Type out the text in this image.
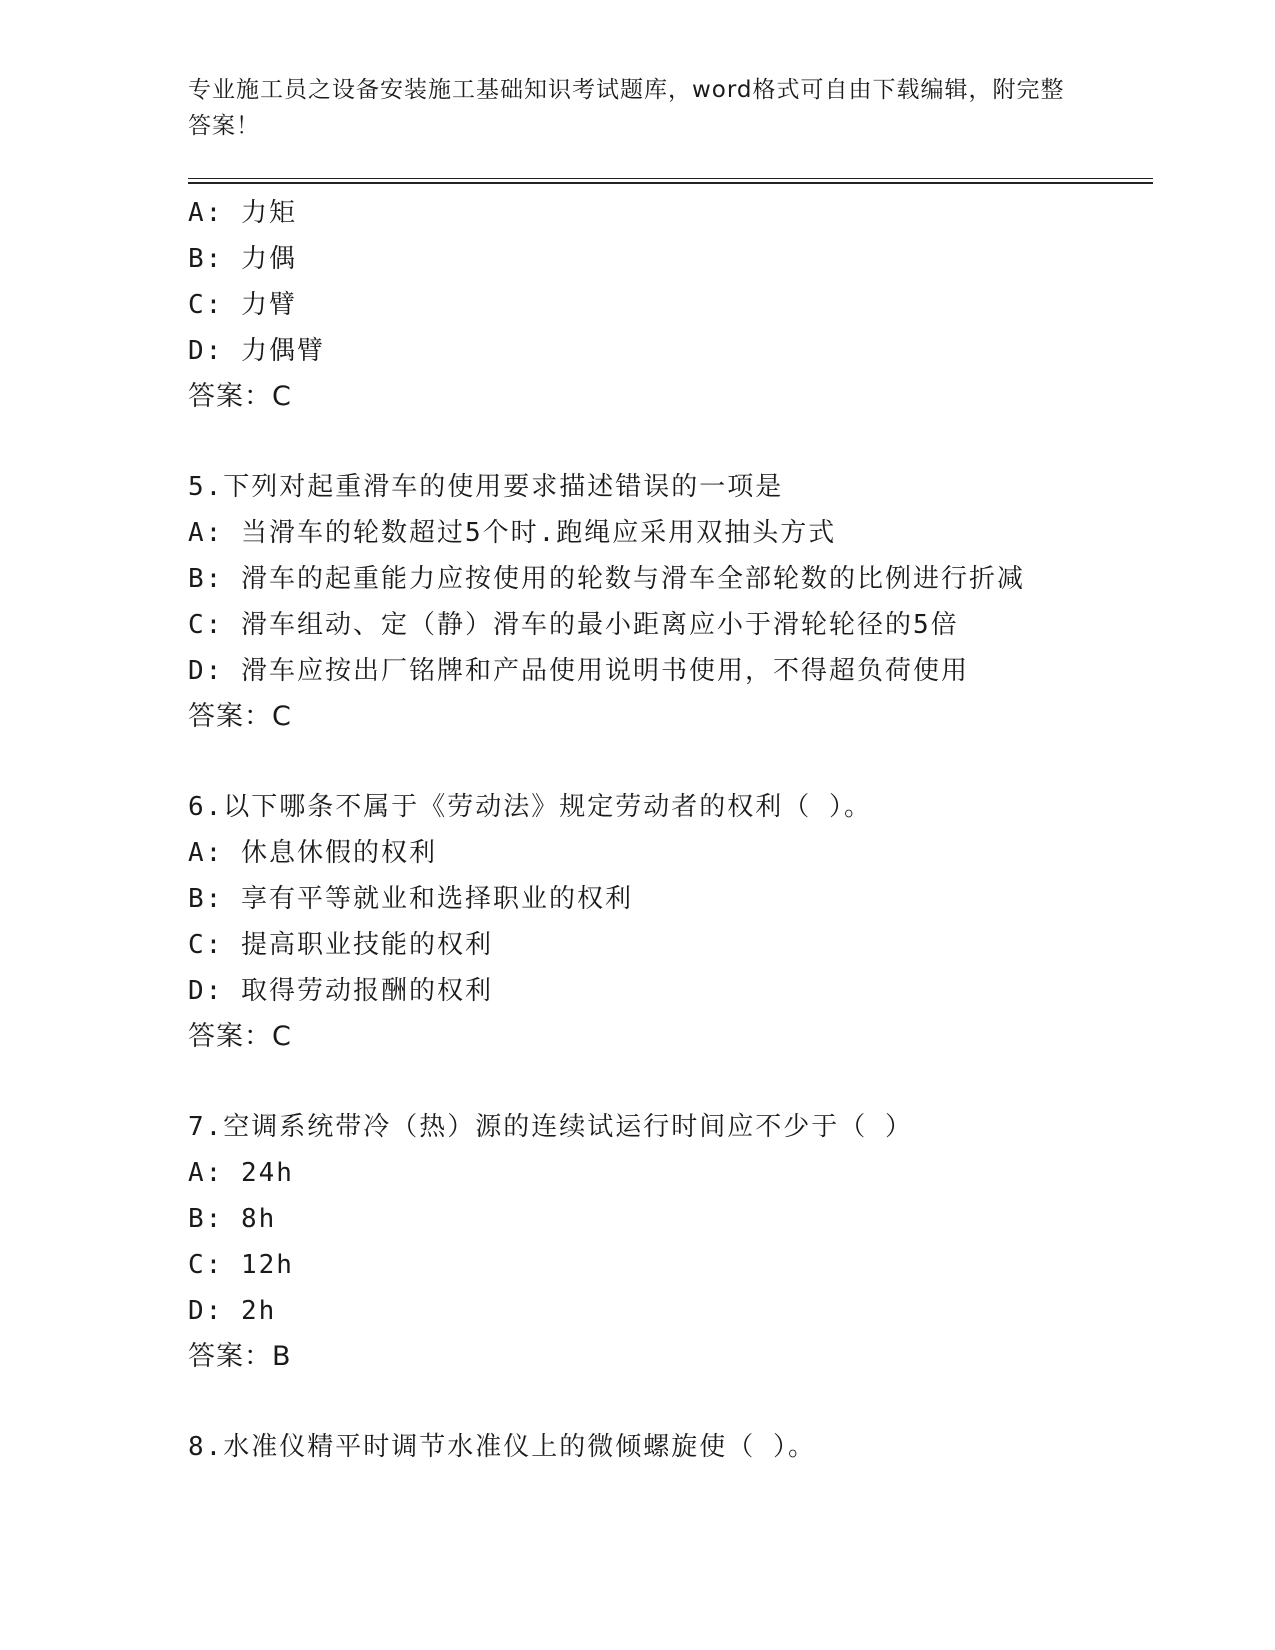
专业施工员之设备安装施工基础知识考试题库，word格式可自由下载编辑，附完整答案！
A: 力矩
B: 力偶
C: 力臂
D: 力偶臂
答案：C
5.下列对起重滑车的使用要求描述错误的一项是
A: 当滑车的轮数超过5个时.跑绳应采用双抽头方式
B: 滑车的起重能力应按使用的轮数与滑车全部轮数的比例进行折减
C: 滑车组动、定（静）滑车的最小距离应小于滑轮轮径的5倍
D: 滑车应按出厂铭牌和产品使用说明书使用，不得超负荷使用
答案：C
6.以下哪条不属于《劳动法》规定劳动者的权利（ ）。
A: 休息休假的权利
B: 享有平等就业和选择职业的权利
C: 提高职业技能的权利
D: 取得劳动报酬的权利
答案：C
7.空调系统带冷（热）源的连续试运行时间应不少于（ ）
A: 24h
B: 8h
C: 12h
D: 2h
答案：B
8.水准仪精平时调节水准仪上的微倾螺旋使（ ）。
